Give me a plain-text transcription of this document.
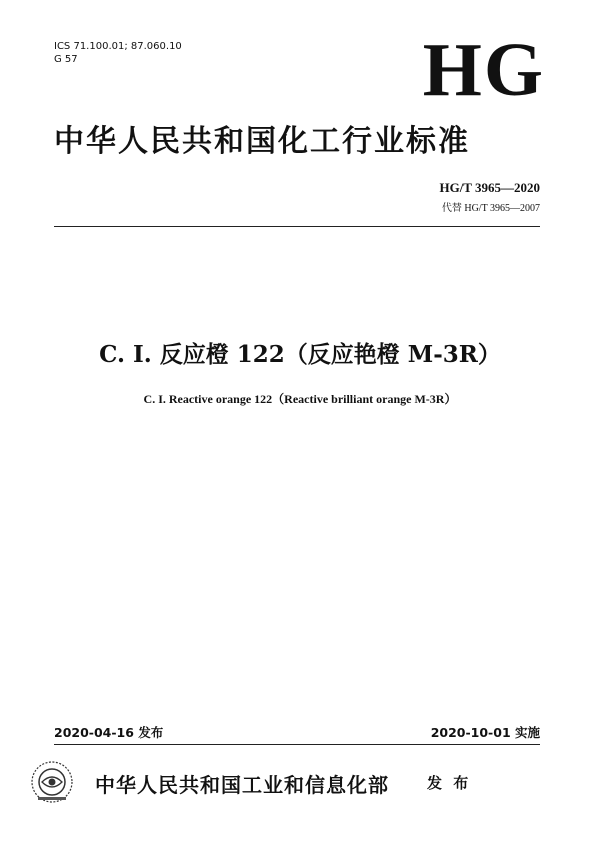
ICS 71.100.01; 87.060.10
G 57	HG
中华人民共和国化工行业标准
HG/T 3965—2020
代替 HG/T 3965—2007
C. I. 反应橙 122（反应艳橙 M-3R）
C. I. Reactive orange 122（Reactive brilliant orange M-3R）
2020-04-16 发布	2020-10-01 实施
中华人民共和国工业和信息化部	发 布
